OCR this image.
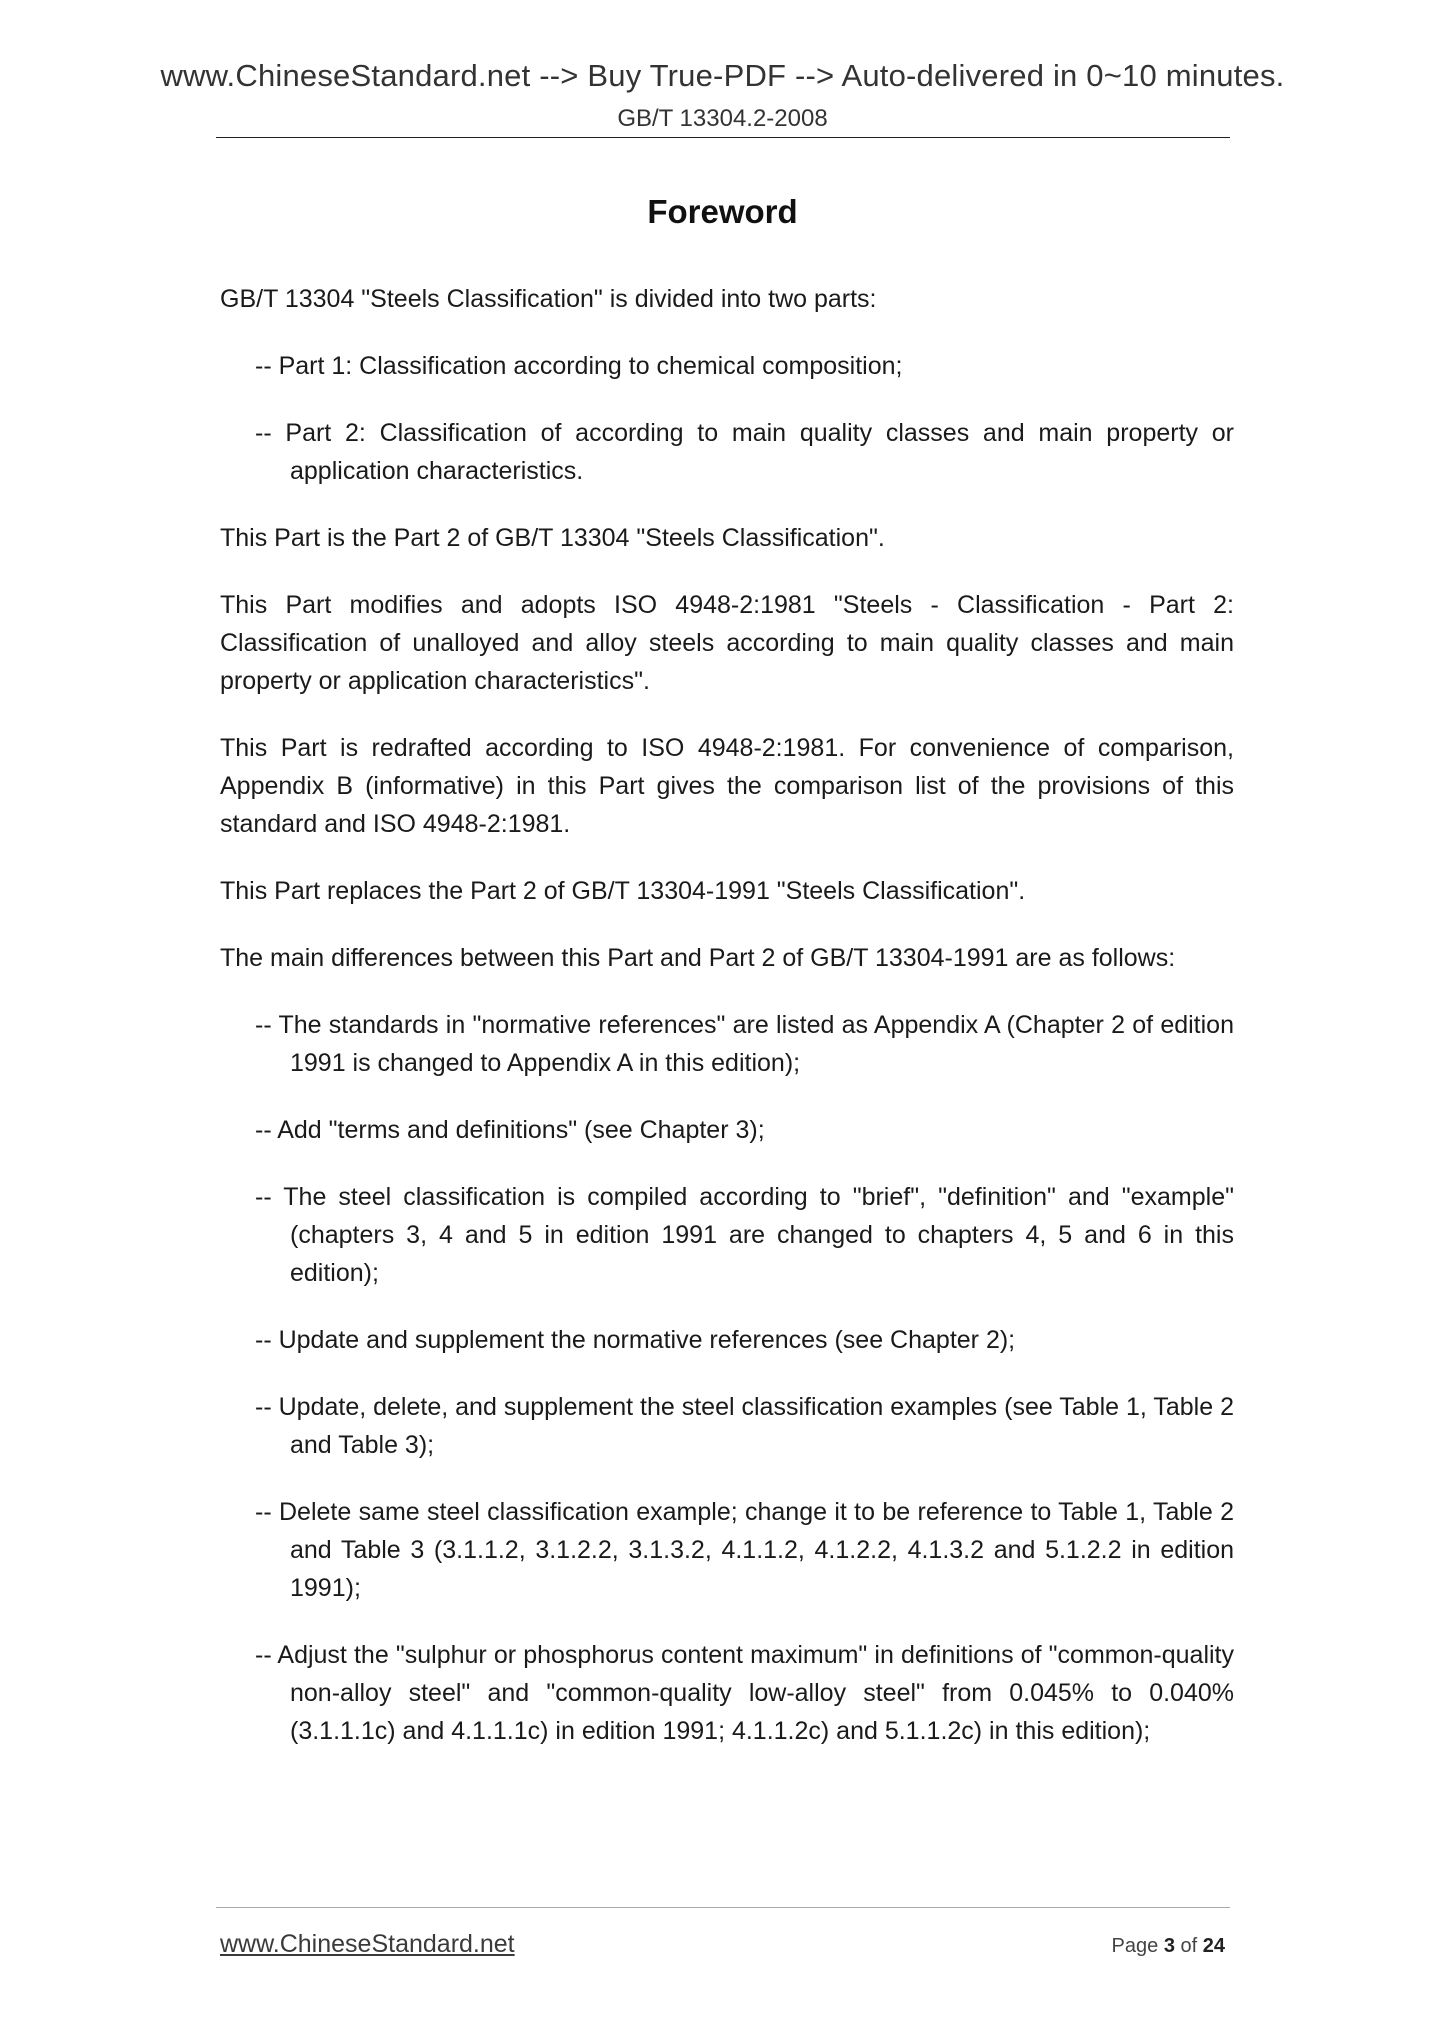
www.ChineseStandard.net --> Buy True-PDF --> Auto-delivered in 0~10 minutes.
GB/T 13304.2-2008
Foreword

GB/T 13304 "Steels Classification" is divided into two parts:

-- Part 1: Classification according to chemical composition;

-- Part 2: Classification of according to main quality classes and main property or application characteristics.

This Part is the Part 2 of GB/T 13304 "Steels Classification".

This Part modifies and adopts ISO 4948-2:1981 "Steels - Classification - Part 2: Classification of unalloyed and alloy steels according to main quality classes and main property or application characteristics".

This Part is redrafted according to ISO 4948-2:1981. For convenience of comparison, Appendix B (informative) in this Part gives the comparison list of the provisions of this standard and ISO 4948-2:1981.

This Part replaces the Part 2 of GB/T 13304-1991 "Steels Classification".

The main differences between this Part and Part 2 of GB/T 13304-1991 are as follows:

-- The standards in "normative references" are listed as Appendix A (Chapter 2 of edition 1991 is changed to Appendix A in this edition);

-- Add "terms and definitions" (see Chapter 3);

-- The steel classification is compiled according to "brief", "definition" and "example" (chapters 3, 4 and 5 in edition 1991 are changed to chapters 4, 5 and 6 in this edition);

-- Update and supplement the normative references (see Chapter 2);

-- Update, delete, and supplement the steel classification examples (see Table 1, Table 2 and Table 3);

-- Delete same steel classification example; change it to be reference to Table 1, Table 2 and Table 3 (3.1.1.2, 3.1.2.2, 3.1.3.2, 4.1.1.2, 4.1.2.2, 4.1.3.2 and 5.1.2.2 in edition 1991);

-- Adjust the "sulphur or phosphorus content maximum" in definitions of "common-quality non-alloy steel" and "common-quality low-alloy steel" from 0.045% to 0.040% (3.1.1.1c) and 4.1.1.1c) in edition 1991; 4.1.1.2c) and 5.1.1.2c) in this edition);

www.ChineseStandard.net	Page 3 of 24
